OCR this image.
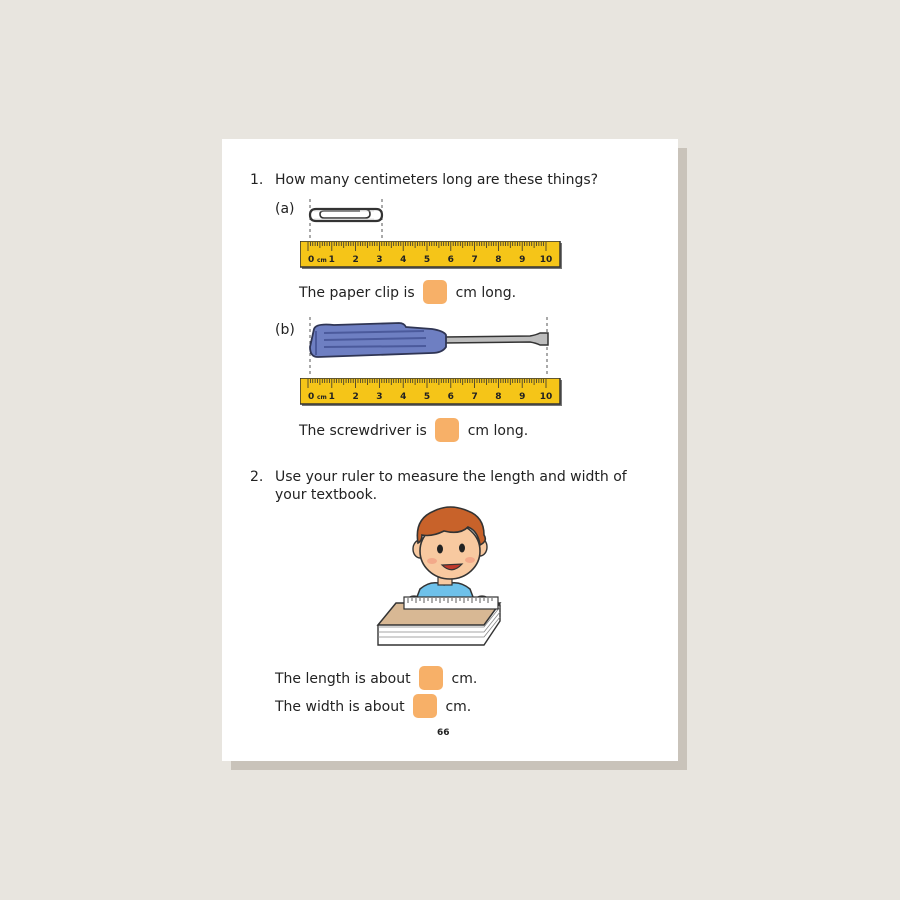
1. How many centimeters long are these things?
(a)
0 1 2 3 4 5 6 7 8 9 10
cm
The paper clip is	cm long.
(b)
0 1 2 3 4 5 6 7 8 9 10
cm
The screwdriver is	cm long.
2. Use your ruler to measure the length and width of
your textbook.
The length is about	cm.
The width is about	cm.
66
